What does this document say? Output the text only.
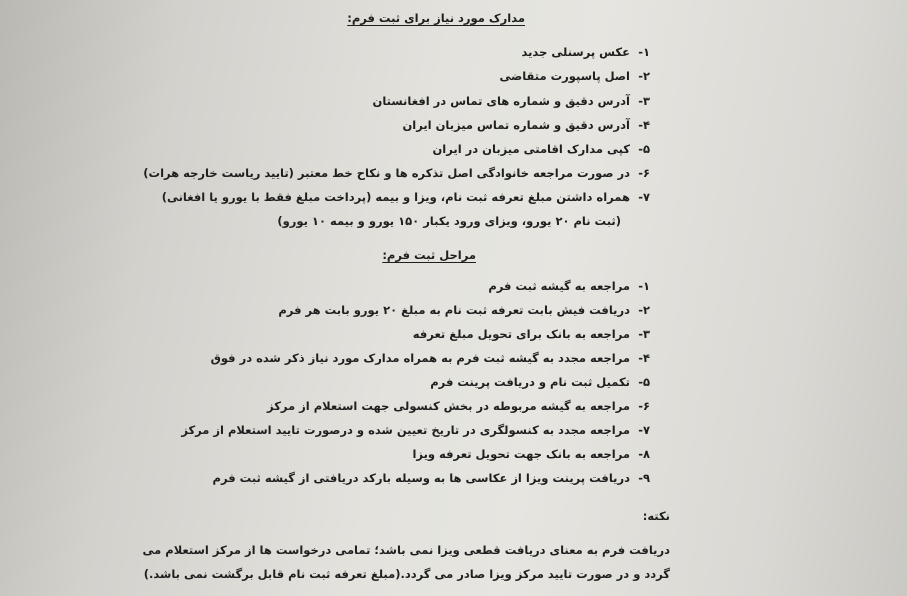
مدارک مورد نیاز برای ثبت فرم:
۱- عکس پرسنلی جدید
۲- اصل پاسپورت متقاضی
۳- آدرس دقیق و شماره های تماس در افغانستان
۴- آدرس دقیق و شماره تماس میزبان ایران
۵- کپی مدارک اقامتی میزبان در ایران
۶- در صورت مراجعه خانوادگی اصل تذکره ها و نکاح خط معتبر (تایید ریاست خارجه هرات)
۷- همراه داشتن مبلغ تعرفه ثبت نام، ویزا و بیمه (پرداخت مبلغ فقط با یورو یا افغانی)
(ثبت نام ۲۰ یورو، ویزای ورود یکبار ۱۵۰ یورو و بیمه ۱۰ یورو)
مراحل ثبت فرم:
۱- مراجعه به گیشه ثبت فرم
۲- دریافت فیش بابت تعرفه ثبت نام به مبلغ ۲۰ یورو بابت هر فرم
۳- مراجعه به بانک برای تحویل مبلغ تعرفه
۴- مراجعه مجدد به گیشه ثبت فرم به همراه مدارک مورد نیاز ذکر شده در فوق
۵- تکمیل ثبت نام و دریافت پرینت فرم
۶- مراجعه به گیشه مربوطه در بخش کنسولی جهت استعلام از مرکز
۷- مراجعه مجدد به کنسولگری در تاریخ تعیین شده و درصورت تایید استعلام از مرکز
۸- مراجعه به بانک جهت تحویل تعرفه ویزا
۹- دریافت پرینت ویزا از عکاسی ها به وسیله بارکد دریافتی از گیشه ثبت فرم
نکته:
دریافت فرم به معنای دریافت قطعی ویزا نمی باشد؛ تمامی درخواست ها از مرکز استعلام می
گردد و در صورت تایید مرکز ویزا صادر می گردد.(مبلغ تعرفه ثبت نام قابل برگشت نمی باشد.)
